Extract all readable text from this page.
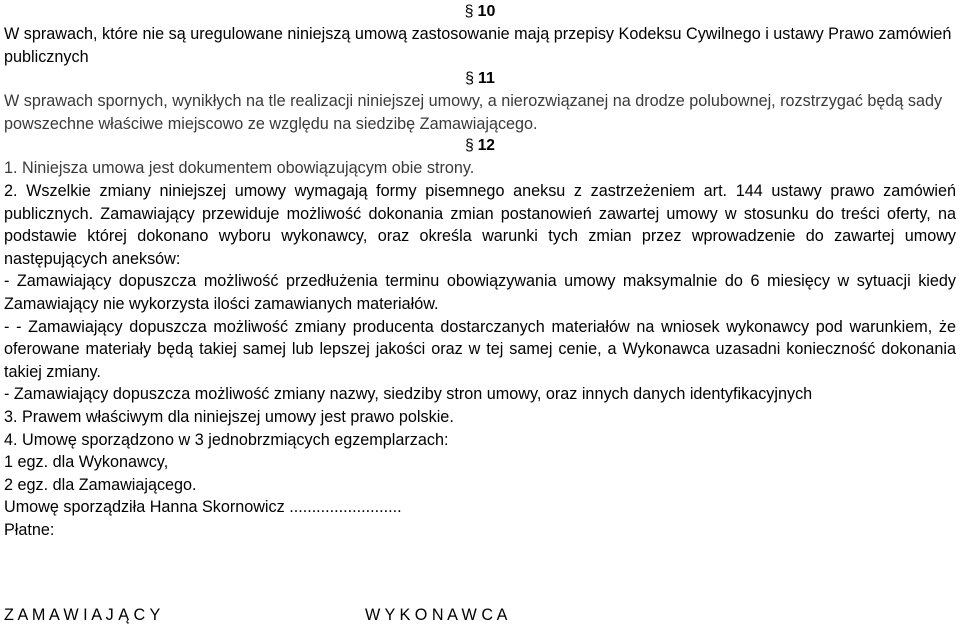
§ 10

W sprawach, które nie są uregulowane niniejszą umową zastosowanie mają przepisy Kodeksu Cywilnego i ustawy Prawo zamówień publicznych

§ 11

W sprawach spornych, wynikłych na tle realizacji niniejszej umowy, a nierozwiązanej na drodze polubownej, rozstrzygać będą sady powszechne właściwe miejscowo ze względu na siedzibę Zamawiającego.

§ 12

1. Niniejsza umowa jest dokumentem obowiązującym obie strony.

2. Wszelkie zmiany niniejszej umowy wymagają formy pisemnego aneksu z zastrzeżeniem art. 144 ustawy prawo zamówień publicznych. Zamawiający przewiduje możliwość dokonania zmian postanowień zawartej umowy w stosunku do treści oferty, na podstawie której dokonano wyboru wykonawcy, oraz określa warunki tych zmian przez wprowadzenie do zawartej umowy następujących aneksów:

- Zamawiający dopuszcza możliwość przedłużenia terminu obowiązywania umowy maksymalnie do 6 miesięcy w sytuacji kiedy Zamawiający nie wykorzysta ilości zamawianych materiałów.

- - Zamawiający dopuszcza możliwość zmiany producenta dostarczanych materiałów na wniosek wykonawcy pod warunkiem, że oferowane materiały będą takiej samej lub lepszej jakości oraz w tej samej cenie, a Wykonawca uzasadni konieczność dokonania takiej zmiany.

- Zamawiający dopuszcza możliwość zmiany nazwy, siedziby stron umowy, oraz innych danych identyfikacyjnych

3. Prawem właściwym dla niniejszej umowy jest prawo polskie.

4. Umowę sporządzono w 3 jednobrzmiących egzemplarzach:

1 egz. dla Wykonawcy,

2 egz. dla Zamawiającego.

Umowę sporządziła Hanna Skornowicz .........................

Płatne:

Z A M A W I A J Ą C Y	W Y K O N A W C A
